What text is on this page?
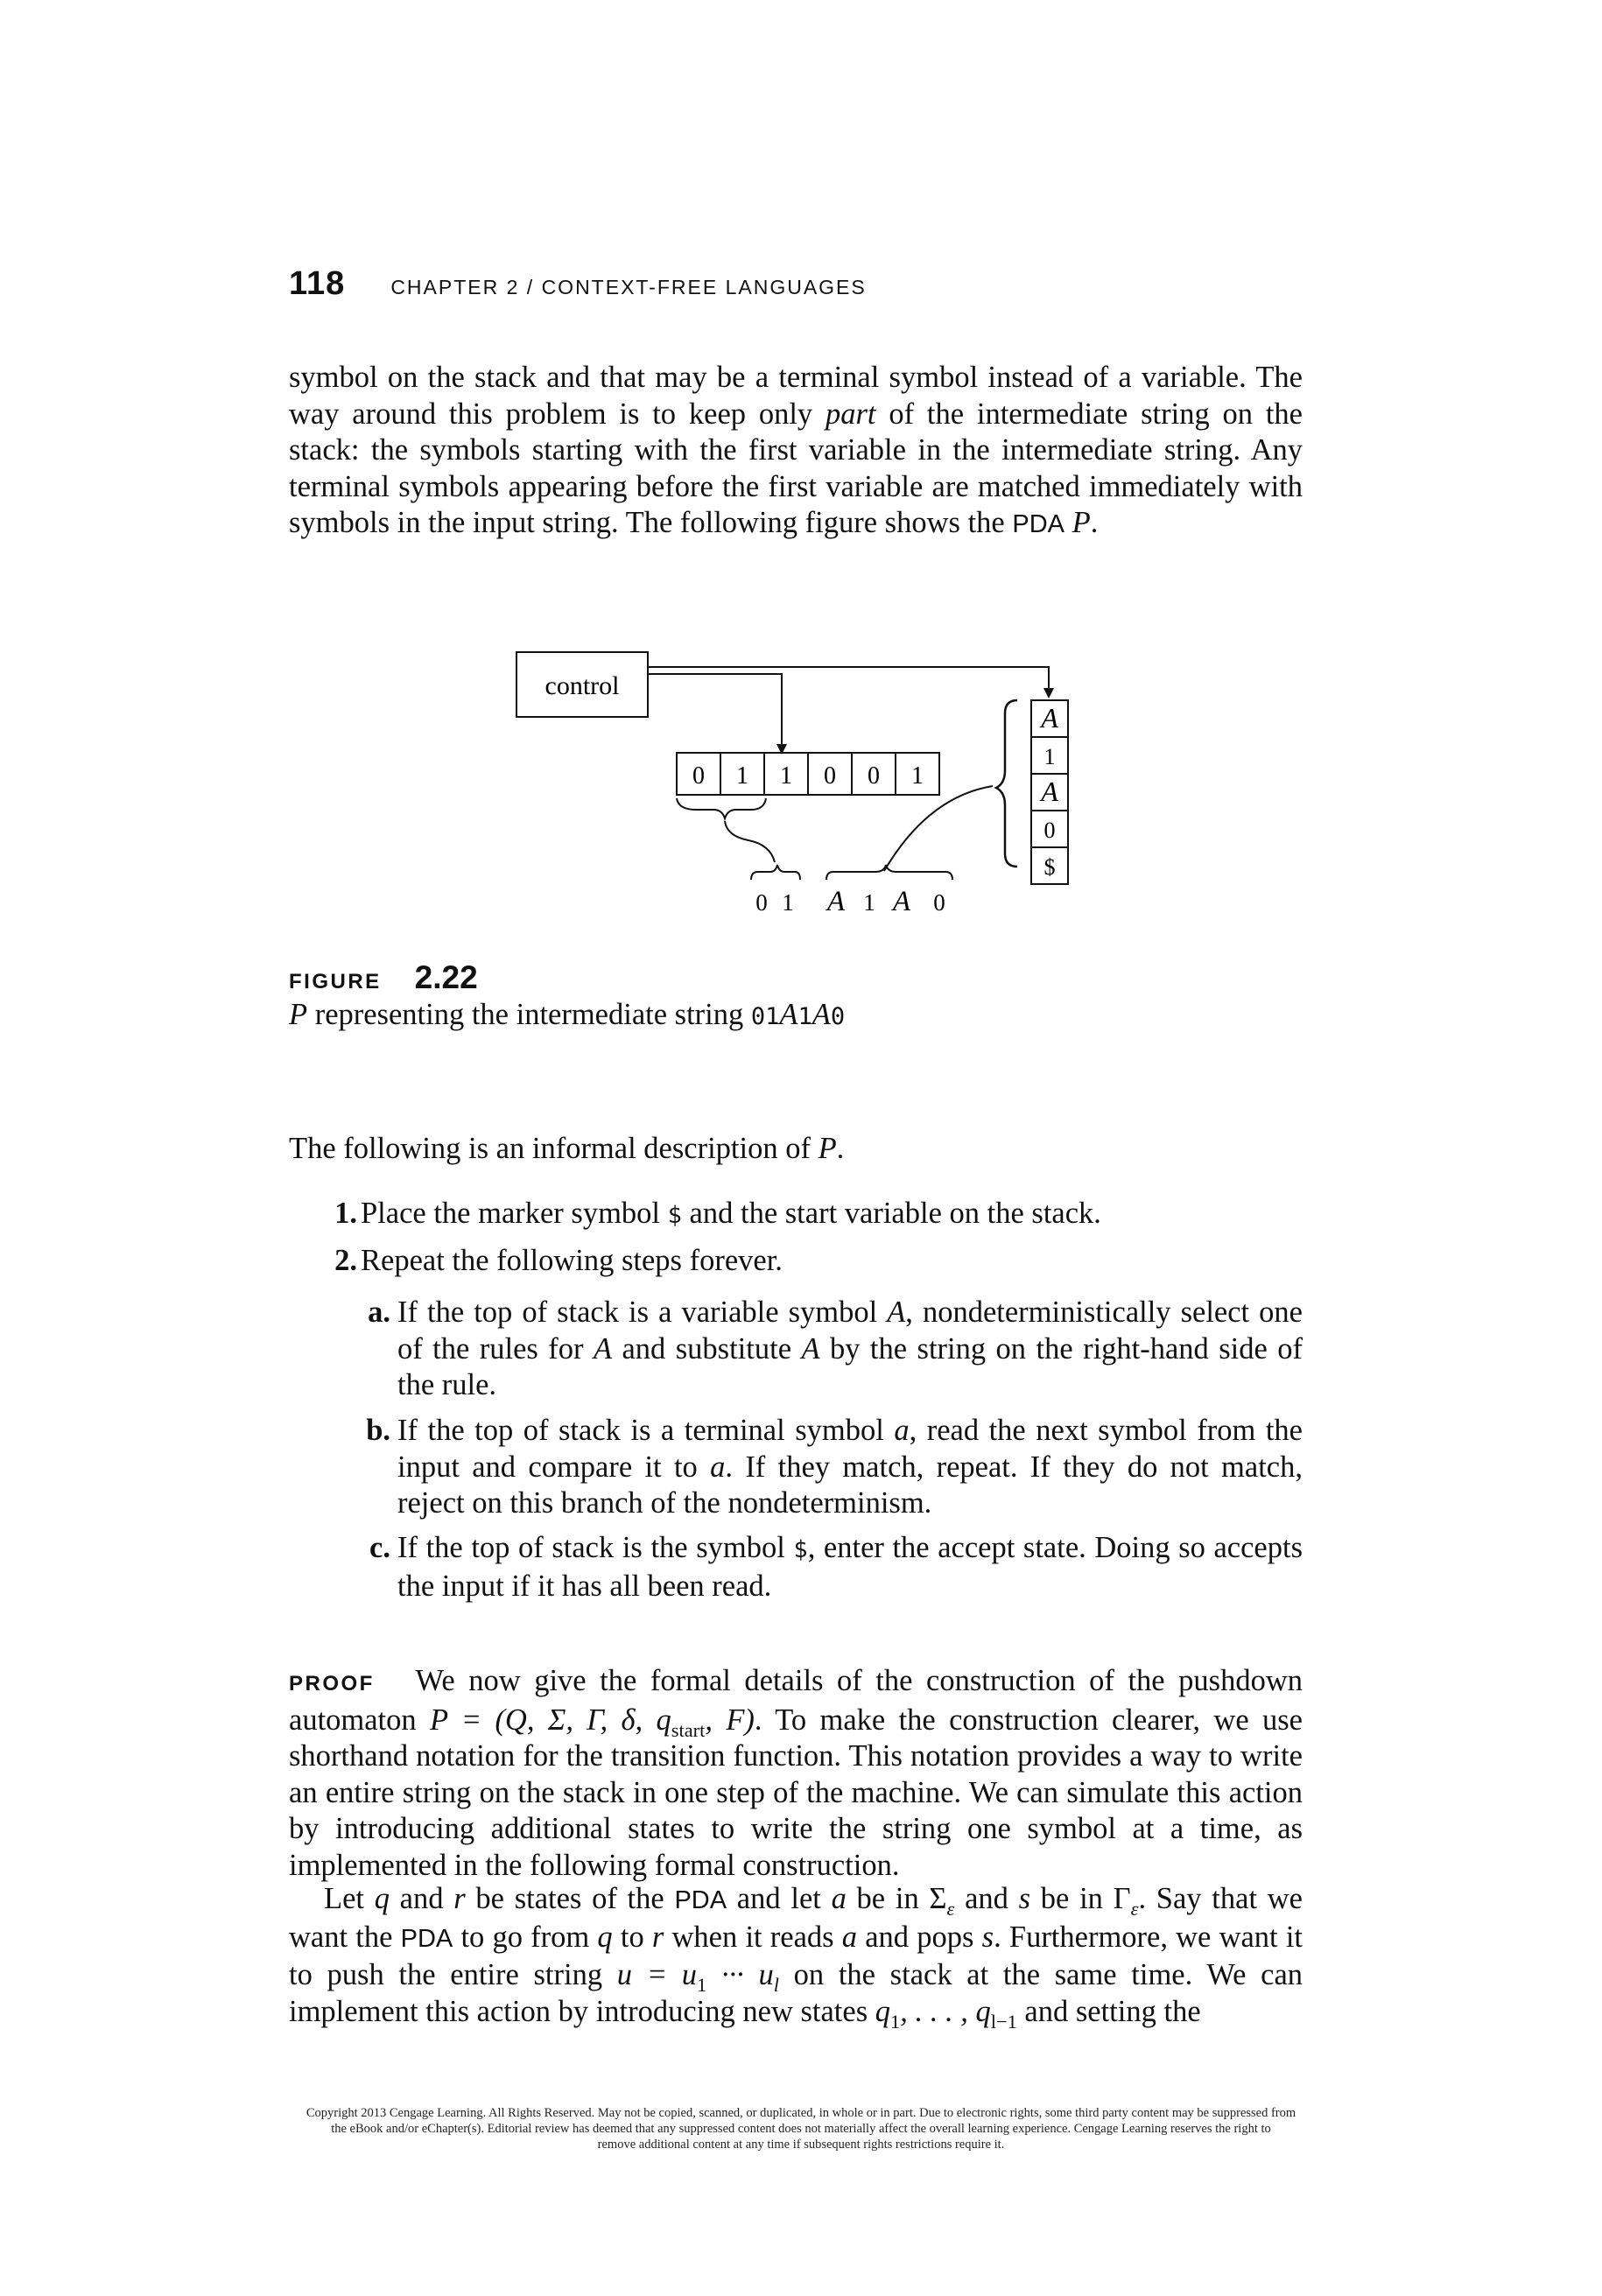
118 CHAPTER 2 / CONTEXT-FREE LANGUAGES

symbol on the stack and that may be a terminal symbol instead of a variable. The way around this problem is to keep only part of the intermediate string on the stack: the symbols starting with the first variable in the intermediate string. Any terminal symbols appearing before the first variable are matched immediately with symbols in the input string. The following figure shows the PDA P.

control
0 1 1 0 0 1
A
1
A
0
$
0 1 A 1 A 0
FIGURE 2.22
P representing the intermediate string 01A1A0
The following is an informal description of P.
1. Place the marker symbol $ and the start variable on the stack.
2. Repeat the following steps forever.
a. If the top of stack is a variable symbol A, nondeterministically select one of the rules for A and substitute A by the string on the right-hand side of the rule.
b. If the top of stack is a terminal symbol a, read the next symbol from the input and compare it to a. If they match, repeat. If they do not match, reject on this branch of the nondeterminism.
c. If the top of stack is the symbol $, enter the accept state. Doing so accepts the input if it has all been read.

PROOF We now give the formal details of the construction of the pushdown automaton P = (Q, Σ, Γ, δ, $q_{start}$, F). To make the construction clearer, we use shorthand notation for the transition function. This notation provides a way to write an entire string on the stack in one step of the machine. We can simulate this action by introducing additional states to write the string one symbol at a time, as implemented in the following formal construction.

Let q and r be states of the PDA and let a be in $\Sigma_\varepsilon$ and s be in $\Gamma_\varepsilon$. Say that we want the PDA to go from q to r when it reads a and pops s. Furthermore, we want it to push the entire string $u = u_1$ ··· $u_l$ on the stack at the same time. We can implement this action by introducing new states $q_1$, . . . , $q_{l-1}$ and setting the

Copyright 2013 Cengage Learning. All Rights Reserved. May not be copied, scanned, or duplicated, in whole or in part. Due to electronic rights, some third party content may be suppressed from
the eBook and/or eChapter(s). Editorial review has deemed that any suppressed content does not materially affect the overall learning experience. Cengage Learning reserves the right to
remove additional content at any time if subsequent rights restrictions require it.
